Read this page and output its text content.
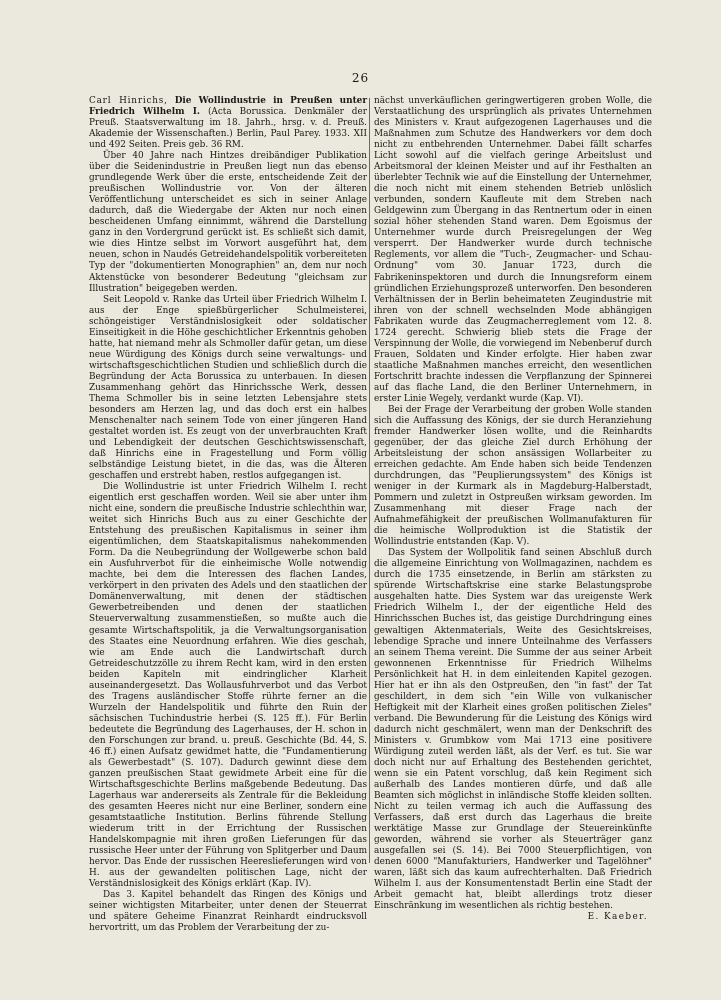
26

Carl Hinrichs, Die Wollindustrie in Preußen unter Friedrich Wilhelm I. (Acta Borussica. Denkmäler der Preuß. Staatsverwaltung im 18. Jahrh., hrsg. v. d. Preuß. Akademie der Wissenschaften.) Berlin, Paul Parey. 1933. XII und 492 Seiten. Preis geb. 36 RM.

Über 40 Jahre nach Hintzes dreibändiger Publikation über die Seidenindustrie in Preußen liegt nun das ebenso grundlegende Werk über die erste, entscheidende Zeit der preußischen Wollindustrie vor. Von der älteren Veröffentlichung unterscheidet es sich in seiner Anlage dadurch, daß die Wiedergabe der Akten nur noch einen bescheidenen Umfang einnimmt, während die Darstellung ganz in den Vordergrund gerückt ist. Es schließt sich damit, wie dies Hintze selbst im Vorwort ausgeführt hat, dem neuen, schon in Naudés Getreidehandelspolitik vorbereiteten Typ der "dokumentierten Monographien" an, dem nur noch Aktenstücke von besonderer Bedeutung "gleichsam zur Illustration" beigegeben werden.

Seit Leopold v. Ranke das Urteil über Friedrich Wilhelm I. aus der Enge spießbürgerlicher Schulmeisterei, schöngeistiger Verständnislosigkeit oder soldatischer Einseitigkeit in die Höhe geschichtlicher Erkenntnis gehoben hatte, hat niemand mehr als Schmoller dafür getan, um diese neue Würdigung des Königs durch seine verwaltungs- und wirtschaftsgeschichtlichen Studien und schließlich durch die Begründung der Acta Borussica zu unterbauen. In diesen Zusammenhang gehört das Hinrichssche Werk, dessen Thema Schmoller bis in seine letzten Lebensjahre stets besonders am Herzen lag, und das doch erst ein halbes Menschenalter nach seinem Tode von einer jüngeren Hand gestaltet worden ist. Es zeugt von der unverbrauchten Kraft und Lebendigkeit der deutschen Geschichtswissenschaft, daß Hinrichs eine in Fragestellung und Form völlig selbständige Leistung bietet, in die das, was die Älteren geschaffen und erstrebt haben, restlos aufgegangen ist.

Die Wollindustrie ist unter Friedrich Wilhelm I. recht eigentlich erst geschaffen worden. Weil sie aber unter ihm nicht eine, sondern die preußische Industrie schlechthin war, weitet sich Hinrichs Buch aus zu einer Geschichte der Entstehung des preußischen Kapitalismus in seiner ihm eigentümlichen, dem Staatskapitalismus nahekommenden Form. Da die Neubegründung der Wollgewerbe schon bald ein Ausfuhrverbot für die einheimische Wolle notwendig machte, bei dem die Interessen des flachen Landes, verkörpert in den privaten des Adels und den staatlichen der Domänenverwaltung, mit denen der städtischen Gewerbetreibenden und denen der staatlichen Steuerverwaltung zusammenstießen, so mußte auch die gesamte Wirtschaftspolitik, ja die Verwaltungsorganisation des Staates eine Neuordnung erfahren. Wie dies geschah, wie am Ende auch die Landwirtschaft durch Getreideschutzzölle zu ihrem Recht kam, wird in den ersten beiden Kapiteln mit eindringlicher Klarheit auseinandergesetzt. Das Wollausfuhrverbot und das Verbot des Tragens ausländischer Stoffe rührte ferner an die Wurzeln der Handelspolitik und führte den Ruin der sächsischen Tuchindustrie herbei (S. 125 ff.). Für Berlin bedeutete die Begründung des Lagerhauses, der H. schon in den Forschungen zur brand. u. preuß. Geschichte (Bd. 44, S. 46 ff.) einen Aufsatz gewidmet hatte, die "Fundamentierung als Gewerbestadt" (S. 107). Dadurch gewinnt diese dem ganzen preußischen Staat gewidmete Arbeit eine für die Wirtschaftsgeschichte Berlins maßgebende Bedeutung. Das Lagerhaus war andererseits als Zentrale für die Bekleidung des gesamten Heeres nicht nur eine Berliner, sondern eine gesamtstaatliche Institution. Berlins führende Stellung wiederum tritt in der Errichtung der Russischen Handelskompagnie mit ihren großen Lieferungen für das russische Heer unter der Führung von Splitgerber und Daum hervor. Das Ende der russischen Heereslieferungen wird von H. aus der gewandelten politischen Lage, nicht der Verständnislosigkeit des Königs erklärt (Kap. IV).

Das 3. Kapitel behandelt das Ringen des Königs und seiner wichtigsten Mitarbeiter, unter denen der Steuerrat und spätere Geheime Finanzrat Reinhardt eindrucksvoll hervortritt, um das Problem der Verarbeitung der zu-

nächst unverkäuflichen geringwertigeren groben Wolle, die Verstaatlichung des ursprünglich als privates Unternehmen des Ministers v. Kraut aufgezogenen Lagerhauses und die Maßnahmen zum Schutze des Handwerkers vor dem doch nicht zu entbehrenden Unternehmer. Dabei fällt scharfes Licht sowohl auf die vielfach geringe Arbeitslust und Arbeitsmoral der kleinen Meister und auf ihr Festhalten an überlebter Technik wie auf die Einstellung der Unternehmer, die noch nicht mit einem stehenden Betrieb unlöslich verbunden, sondern Kaufleute mit dem Streben nach Geldgewinn zum Übergang in das Rentnertum oder in einen sozial höher stehenden Stand waren. Dem Egoismus der Unternehmer wurde durch Preisregelungen der Weg versperrt. Der Handwerker wurde durch technische Reglements, vor allem die "Tuch-, Zeugmacher- und Schau-Ordnung" vom 30. Januar 1723, durch die Fabrikeninspektoren und durch die Innungsreform einem gründlichen Erziehungsprozeß unterworfen. Den besonderen Verhältnissen der in Berlin beheimateten Zeugindustrie mit ihren von der schnell wechselnden Mode abhängigen Fabrikaten wurde das Zeugmacherreglement vom 12. 8. 1724 gerecht. Schwierig blieb stets die Frage der Verspinnung der Wolle, die vorwiegend im Nebenberuf durch Frauen, Soldaten und Kinder erfolgte. Hier haben zwar staatliche Maßnahmen manches erreicht, den wesentlichen Fortschritt brachte indessen die Verpflanzung der Spinnerei auf das flache Land, die den Berliner Unternehmern, in erster Linie Wegely, verdankt wurde (Kap. VI).

Bei der Frage der Verarbeitung der groben Wolle standen sich die Auffassung des Königs, der sie durch Heranziehung fremder Handwerker lösen wollte, und die Reinhardts gegenüber, der das gleiche Ziel durch Erhöhung der Arbeitsleistung der schon ansässigen Wollarbeiter zu erreichen gedachte. Am Ende haben sich beide Tendenzen durchdrungen, das "Peuplierungssystem" des Königs ist weniger in der Kurmark als in Magdeburg-Halberstadt, Pommern und zuletzt in Ostpreußen wirksam geworden. Im Zusammenhang mit dieser Frage nach der Aufnahmefähigkeit der preußischen Wollmanufakturen für die heimische Wollproduktion ist die Statistik der Wollindustrie entstanden (Kap. V).

Das System der Wollpolitik fand seinen Abschluß durch die allgemeine Einrichtung von Wollmagazinen, nachdem es durch die 1735 einsetzende, in Berlin am stärksten zu spürende Wirtschaftskrise eine starke Belastungsprobe ausgehalten hatte. Dies System war das ureigenste Werk Friedrich Wilhelm I., der der eigentliche Held des Hinrichsschen Buches ist, das geistige Durchdringung eines gewaltigen Aktenmaterials, Weite des Gesichtskreises, lebendige Sprache und innere Unteilnahme des Verfassers an seinem Thema vereint. Die Summe der aus seiner Arbeit gewonnenen Erkenntnisse für Friedrich Wilhelms Persönlichkeit hat H. in dem einleitenden Kapitel gezogen. Hier hat er ihn als den Ostpreußen, den "in fast" der Tat geschildert, in dem sich "ein Wille von vulkanischer Heftigkeit mit der Klarheit eines großen politischen Zieles" verband. Die Bewunderung für die Leistung des Königs wird dadurch nicht geschmälert, wenn man der Denkschrift des Ministers v. Grumbkow vom Mai 1713 eine positivere Würdigung zuteil werden läßt, als der Verf. es tut. Sie war doch nicht nur auf Erhaltung des Bestehenden gerichtet, wenn sie ein Patent vorschlug, daß kein Regiment sich außerhalb des Landes montieren dürfe, und daß alle Beamten sich möglichst in inländische Stoffe kleiden sollten. Nicht zu teilen vermag ich auch die Auffassung des Verfassers, daß erst durch das Lagerhaus die breite werktätige Masse zur Grundlage der Steuereinkünfte geworden, während sie vorher als Steuerträger ganz ausgefallen sei (S. 14). Bei 7000 Steuerpflichtigen, von denen 6000 "Manufakturiers, Handwerker und Tagelöhner" waren, läßt sich das kaum aufrechterhalten. Daß Friedrich Wilhelm I. aus der Konsumentenstadt Berlin eine Stadt der Arbeit gemacht hat, bleibt allerdings trotz dieser Einschränkung im wesentlichen als richtig bestehen.

E. Kaeber.
